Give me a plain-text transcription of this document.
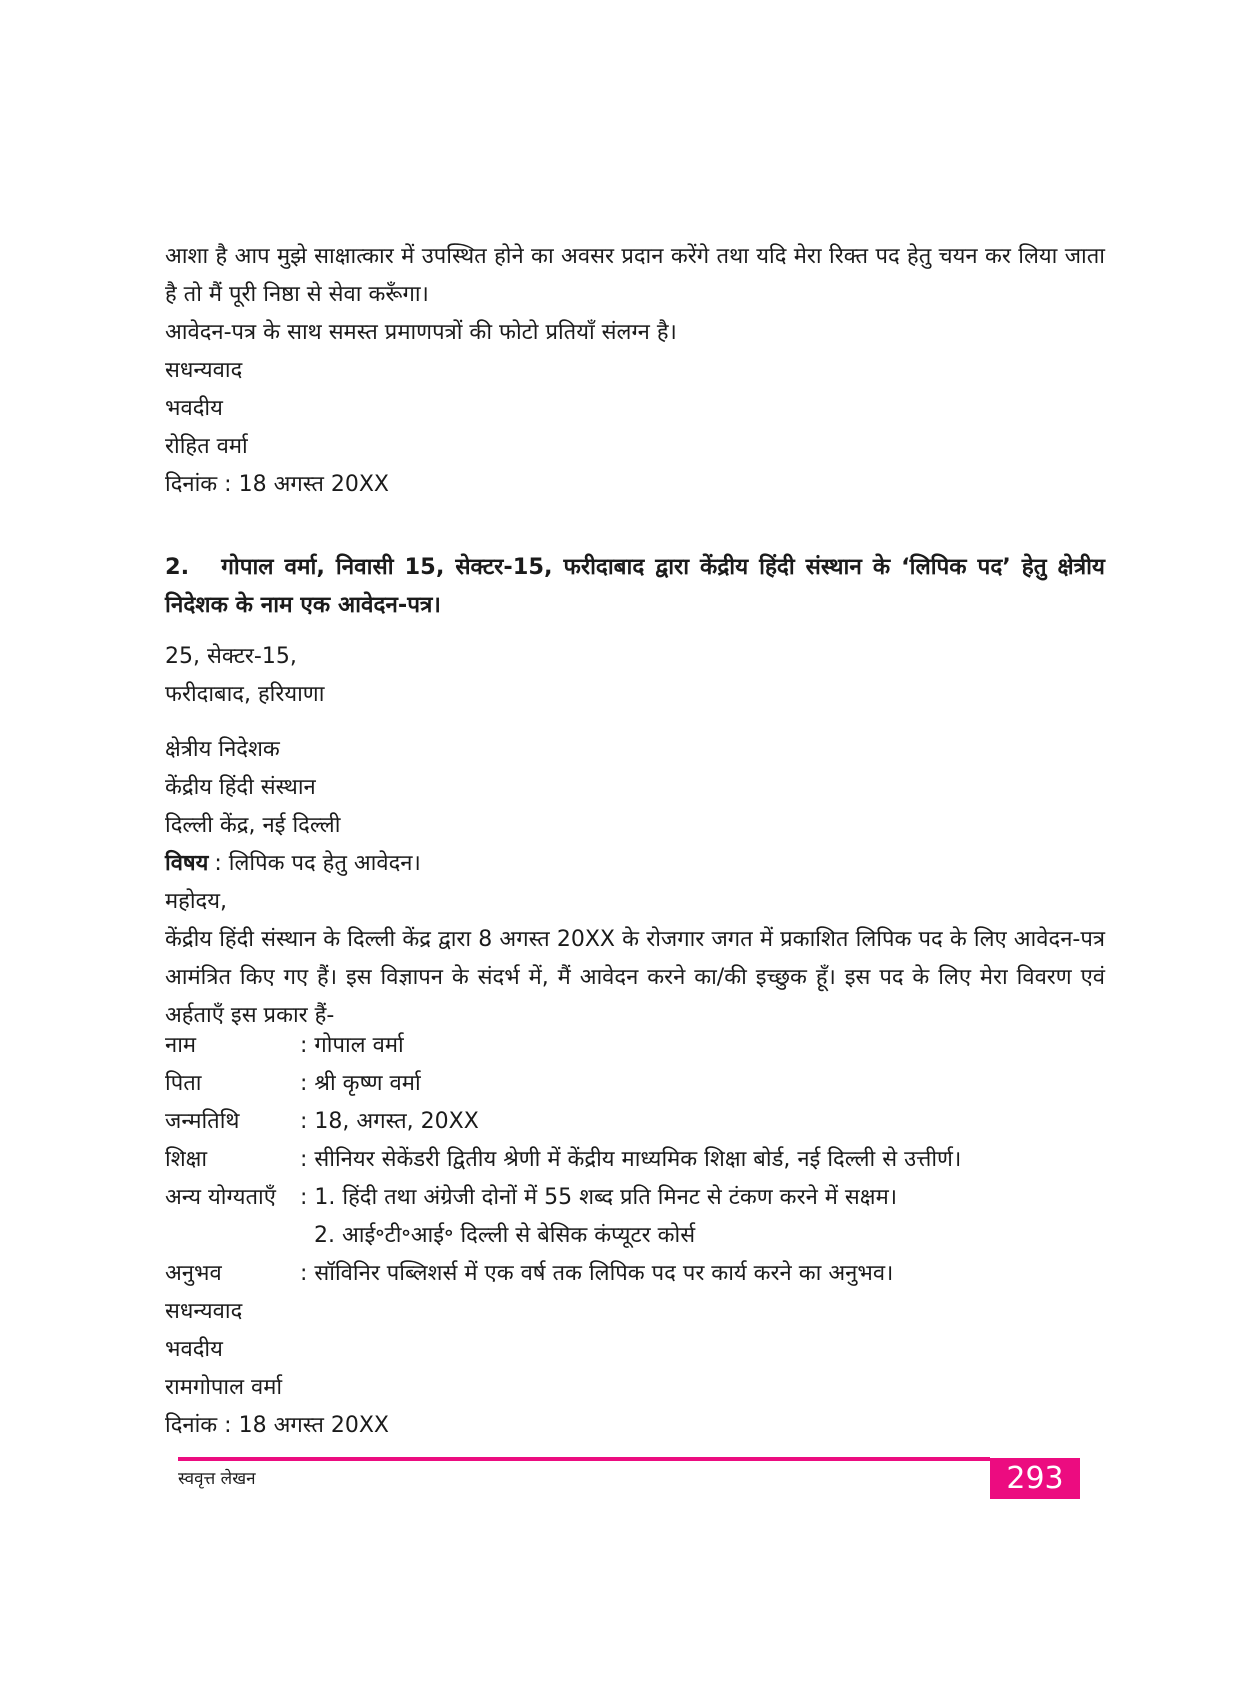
आशा है आप मुझे साक्षात्कार में उपस्थित होने का अवसर प्रदान करेंगे तथा यदि मेरा रिक्त पद हेतु चयन कर लिया जाता है तो मैं पूरी निष्ठा से सेवा करूँगा।

आवेदन-पत्र के साथ समस्त प्रमाणपत्रों की फोटो प्रतियाँ संलग्न है।

सधन्यवाद

भवदीय

रोहित वर्मा

दिनांक : 18 अगस्त 20XX

2. गोपाल वर्मा, निवासी 15, सेक्टर-15, फरीदाबाद द्वारा केंद्रीय हिंदी संस्थान के ‘लिपिक पद’ हेतु क्षेत्रीय निदेशक के नाम एक आवेदन-पत्र।

25, सेक्टर-15,

फरीदाबाद, हरियाणा

क्षेत्रीय निदेशक

केंद्रीय हिंदी संस्थान

दिल्ली केंद्र, नई दिल्ली

विषय : लिपिक पद हेतु आवेदन।

महोदय,

केंद्रीय हिंदी संस्थान के दिल्ली केंद्र द्वारा 8 अगस्त 20XX के रोजगार जगत में प्रकाशित लिपिक पद के लिए आवेदन-पत्र आमंत्रित किए गए हैं। इस विज्ञापन के संदर्भ में, मैं आवेदन करने का/की इच्छुक हूँ। इस पद के लिए मेरा विवरण एवं अर्हताएँ इस प्रकार हैं-

नाम	: गोपाल वर्मा
पिता	: श्री कृष्ण वर्मा
जन्मतिथि	: 18, अगस्त, 20XX
शिक्षा	: सीनियर सेकेंडरी द्वितीय श्रेणी में केंद्रीय माध्यमिक शिक्षा बोर्ड, नई दिल्ली से उत्तीर्ण।
अन्य योग्यताएँ	: 1. हिंदी तथा अंग्रेजी दोनों में 55 शब्द प्रति मिनट से टंकण करने में सक्षम।
2. आई॰टी॰आई॰ दिल्ली से बेसिक कंप्यूटर कोर्स
अनुभव	: सॉविनिर पब्लिशर्स में एक वर्ष तक लिपिक पद पर कार्य करने का अनुभव।

सधन्यवाद

भवदीय

रामगोपाल वर्मा

दिनांक : 18 अगस्त 20XX

स्ववृत्त लेखन	293
